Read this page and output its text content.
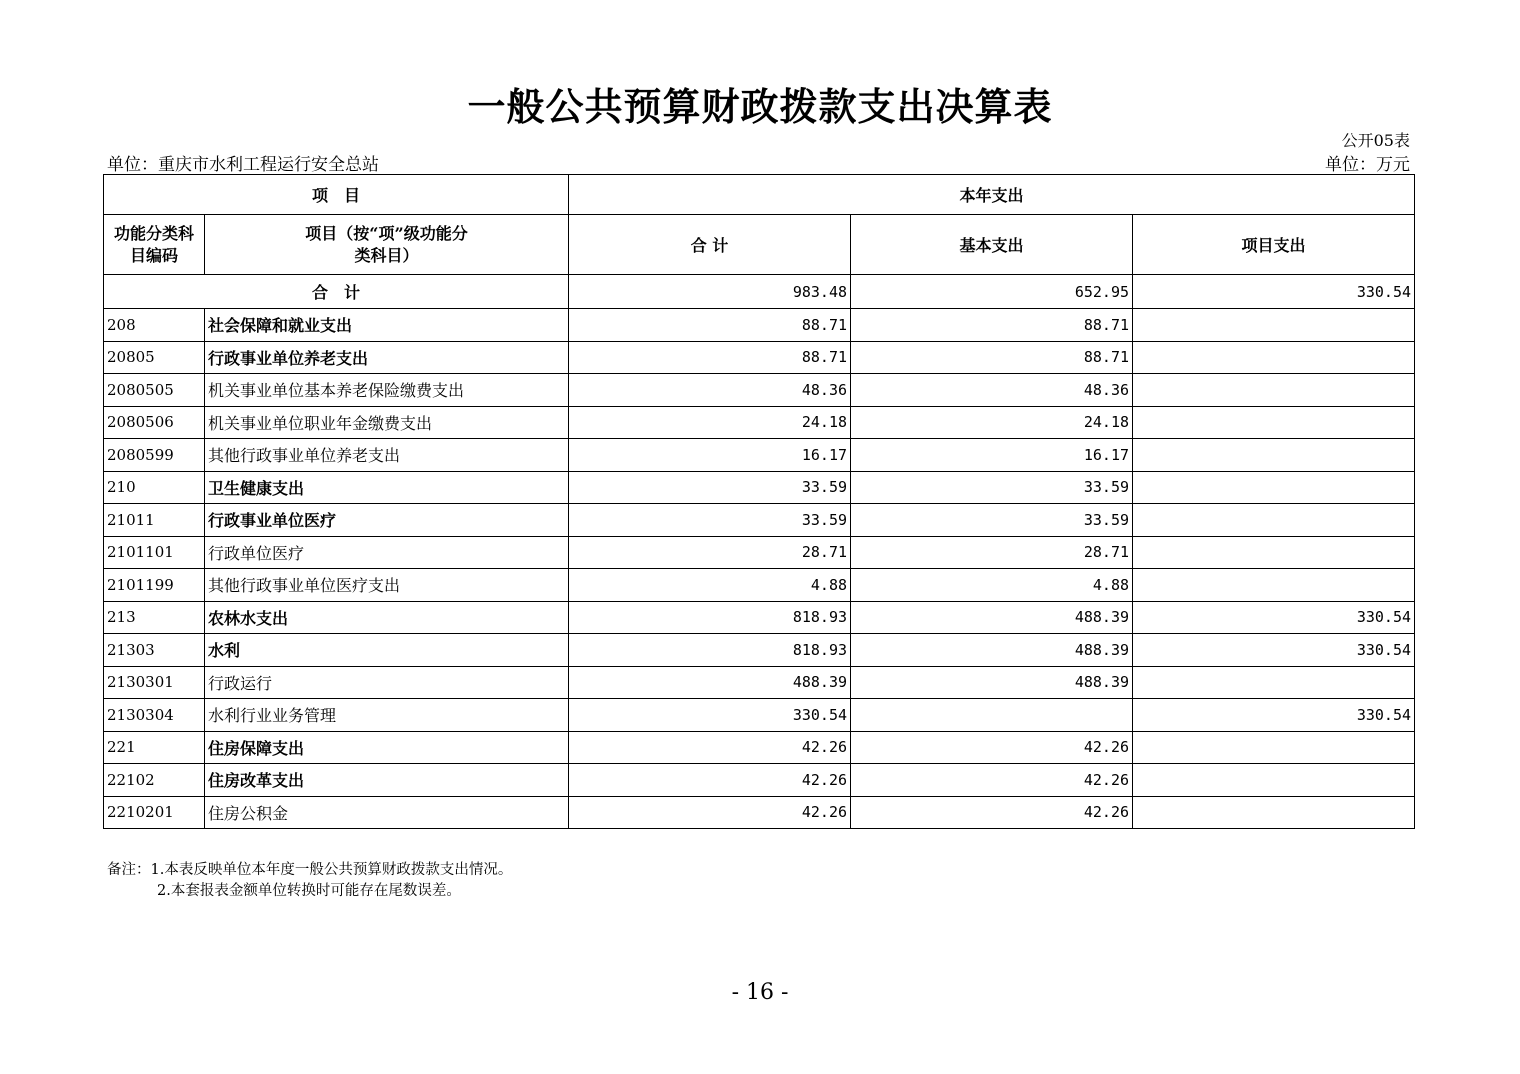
一般公共预算财政拨款支出决算表
公开05表
单位：重庆市水利工程运行安全总站	单位：万元
项　目		本年支出		
功能分类科目编码	项目（按“项”级功能分类科目）	合 计	基本支出	项目支出
合　计		983.48	652.95	330.54
208	社会保障和就业支出	88.71	88.71	
20805	行政事业单位养老支出	88.71	88.71	
2080505	机关事业单位基本养老保险缴费支出	48.36	48.36	
2080506	机关事业单位职业年金缴费支出	24.18	24.18	
2080599	其他行政事业单位养老支出	16.17	16.17	
210	卫生健康支出	33.59	33.59	
21011	行政事业单位医疗	33.59	33.59	
2101101	行政单位医疗	28.71	28.71	
2101199	其他行政事业单位医疗支出	4.88	4.88	
213	农林水支出	818.93	488.39	330.54
21303	水利	818.93	488.39	330.54
2130301	行政运行	488.39	488.39	
2130304	水利行业业务管理	330.54		330.54
221	住房保障支出	42.26	42.26	
22102	住房改革支出	42.26	42.26	
2210201	住房公积金	42.26	42.26	
备注：1.本表反映单位本年度一般公共预算财政拨款支出情况。
2.本套报表金额单位转换时可能存在尾数误差。
- 16 -
